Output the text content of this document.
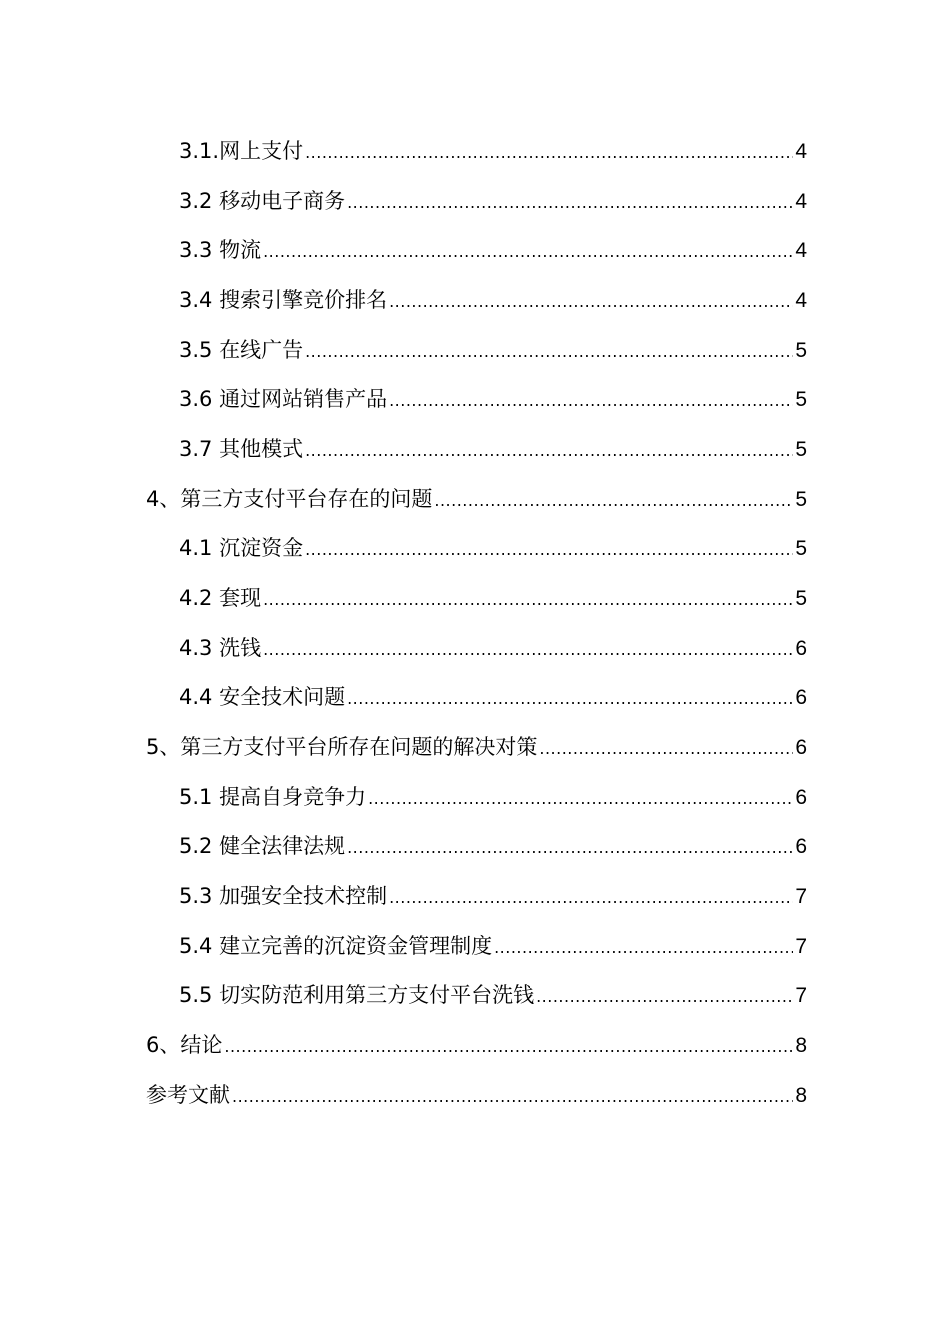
3.1.网上支付 .....	4
3.2 移动电子商务 .....	4
3.3 物流 .....	4
3.4 搜索引擎竞价排名 .....	4
3.5 在线广告 .....	5
3.6 通过网站销售产品 .....	5
3.7 其他模式 .....	5
4、第三方支付平台存在的问题 .....	5
4.1 沉淀资金 .....	5
4.2 套现 .....	5
4.3 洗钱 .....	6
4.4 安全技术问题 .....	6
5、第三方支付平台所存在问题的解决对策 .....	6
5.1 提高自身竞争力 .....	6
5.2 健全法律法规 .....	6
5.3 加强安全技术控制 .....	7
5.4 建立完善的沉淀资金管理制度 .....	7
5.5 切实防范利用第三方支付平台洗钱 .....	7
6、结论 .....	8
参考文献 .....	8
